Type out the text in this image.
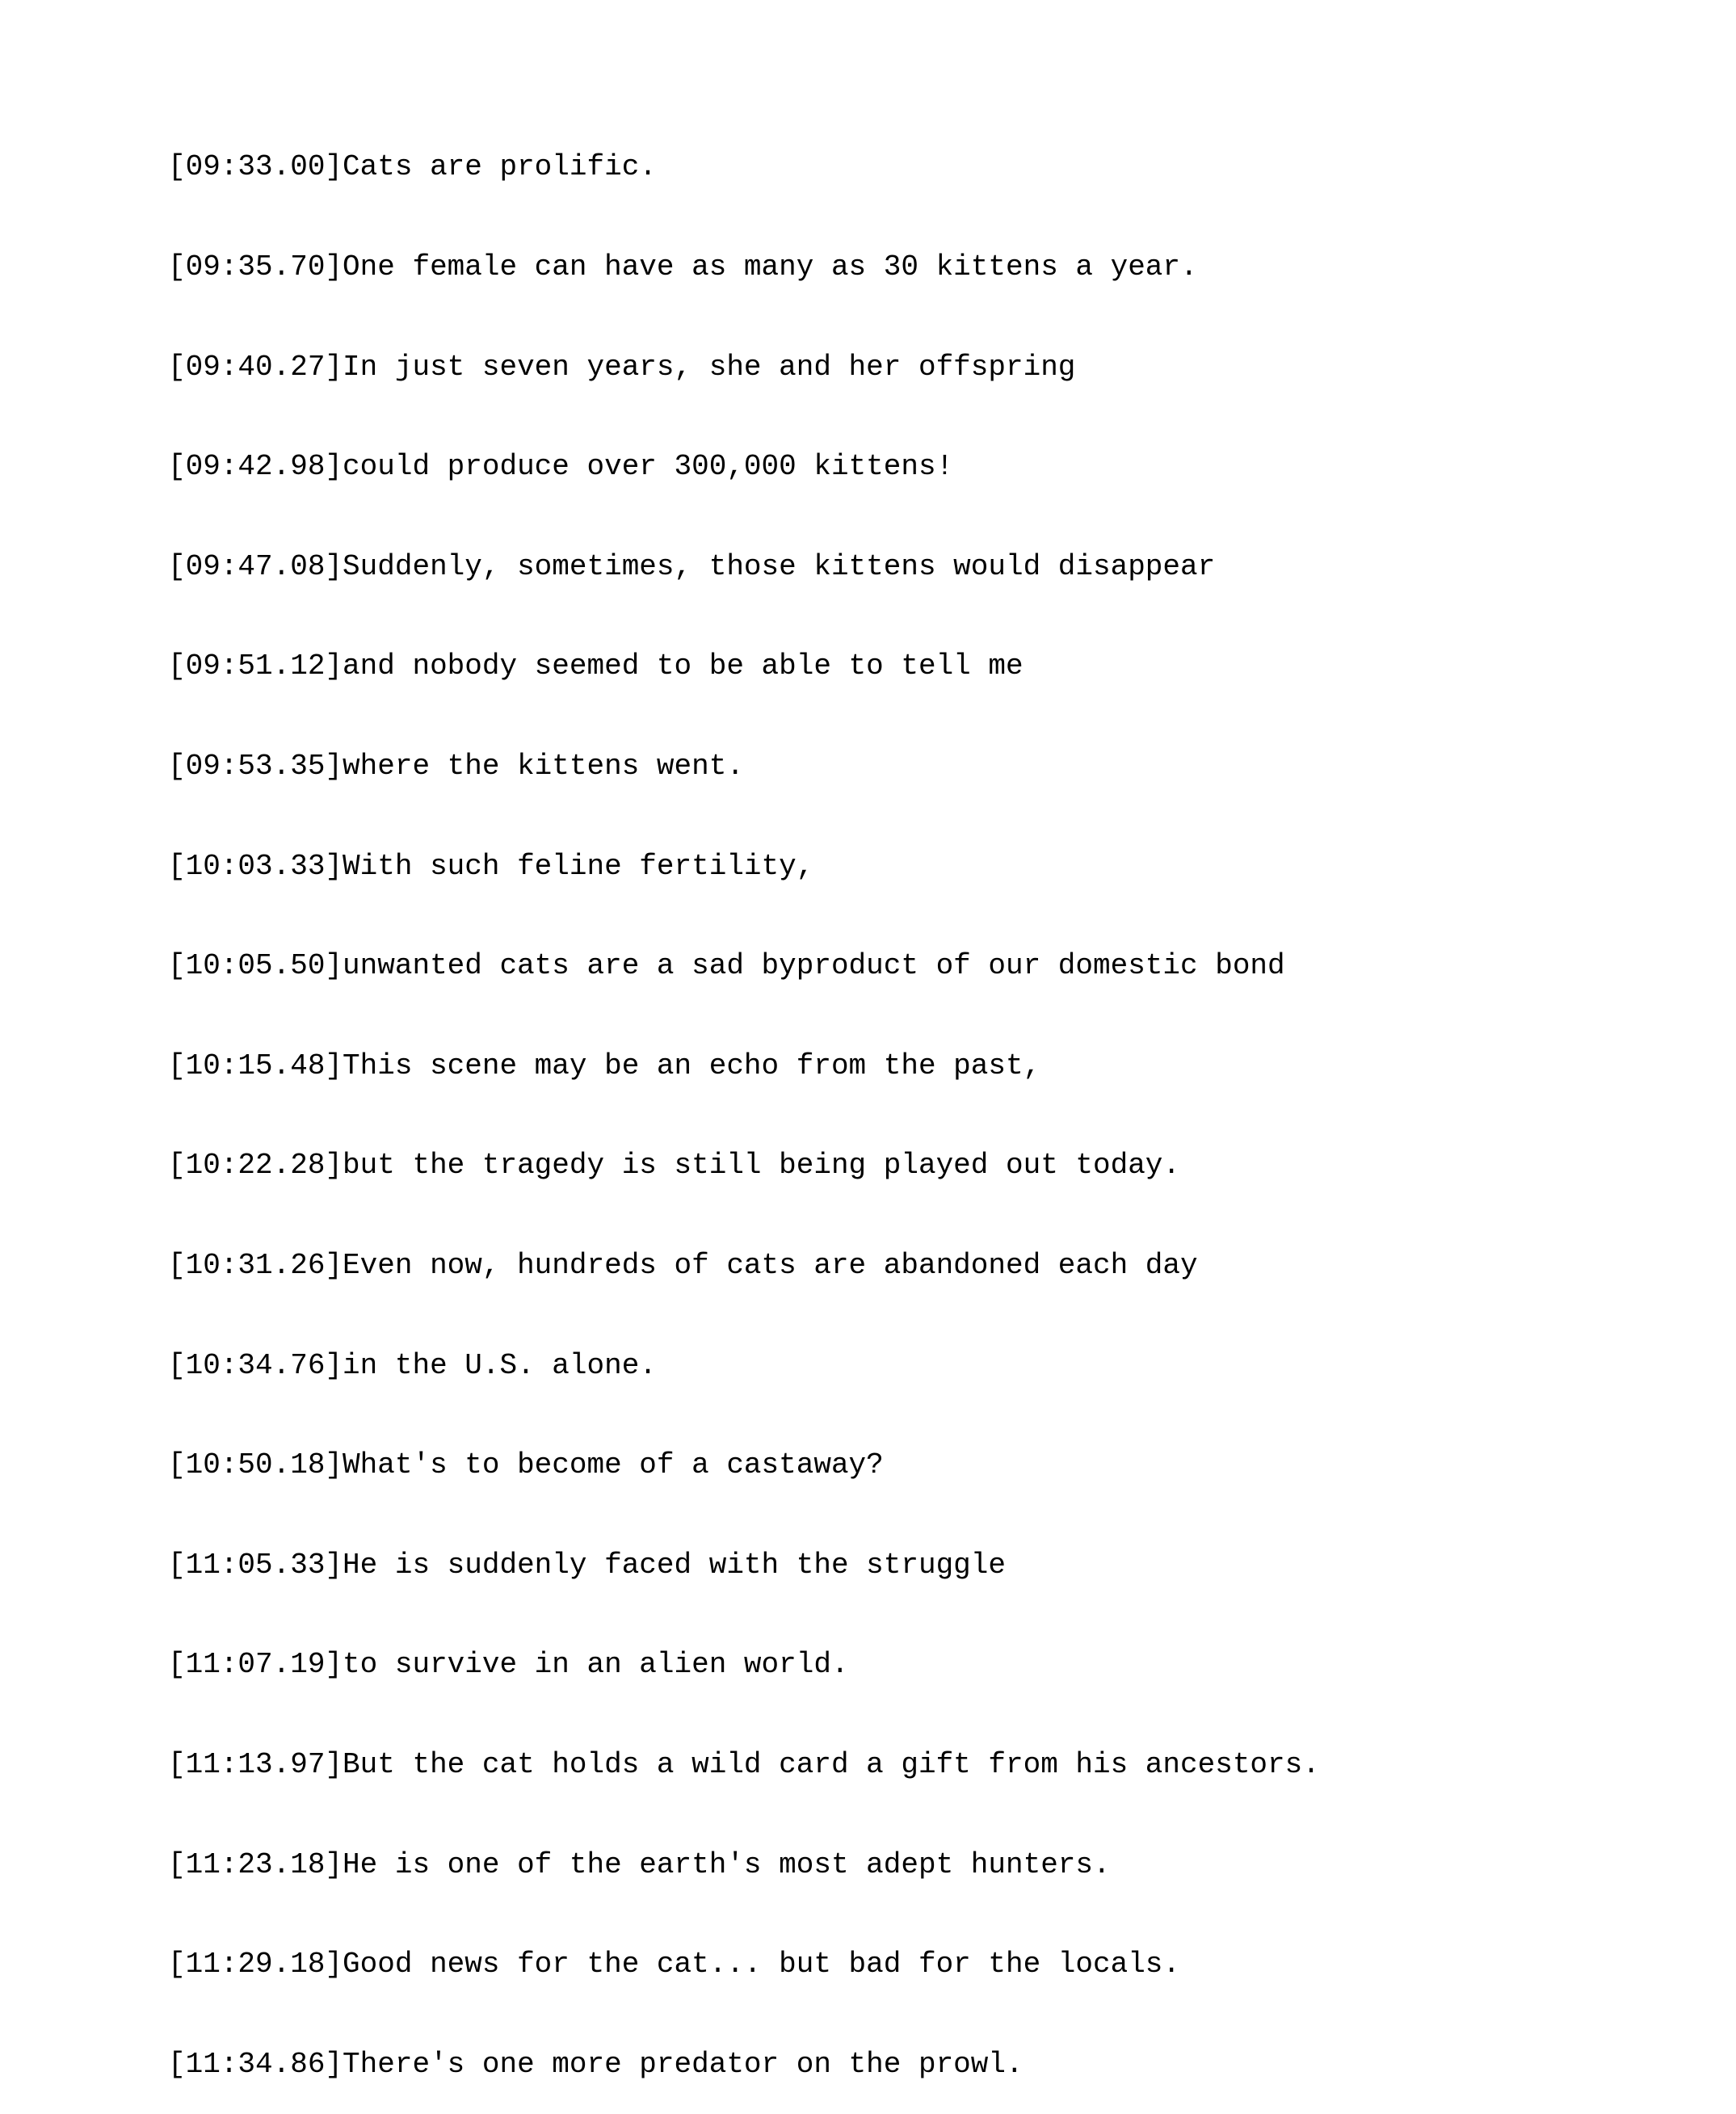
[09:33.00]Cats are prolific.

[09:35.70]One female can have as many as 30 kittens a year.

[09:40.27]In just seven years, she and her offspring

[09:42.98]could produce over 300,000 kittens!

[09:47.08]Suddenly, sometimes, those kittens would disappear

[09:51.12]and nobody seemed to be able to tell me

[09:53.35]where the kittens went.

[10:03.33]With such feline fertility,

[10:05.50]unwanted cats are a sad byproduct of our domestic bond

[10:15.48]This scene may be an echo from the past,

[10:22.28]but the tragedy is still being played out today.

[10:31.26]Even now, hundreds of cats are abandoned each day

[10:34.76]in the U.S. alone.

[10:50.18]What's to become of a castaway?

[11:05.33]He is suddenly faced with the struggle

[11:07.19]to survive in an alien world.

[11:13.97]But the cat holds a wild card a gift from his ancestors.

[11:23.18]He is one of the earth's most adept hunters.

[11:29.18]Good news for the cat... but bad for the locals.

[11:34.86]There's one more predator on the prowl.
